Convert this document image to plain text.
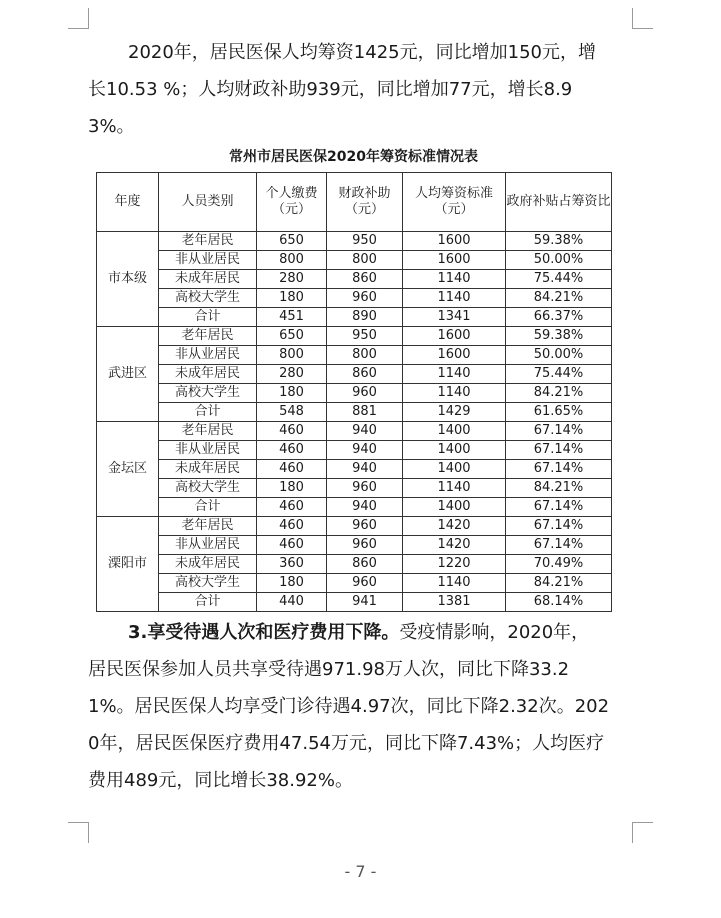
2020年，居民医保人均筹资1425元，同比增加150元，增
长10.53 %；人均财政补助939元，同比增加77元，增长8.9
3%。

常州市居民医保2020年筹资标准情况表

年度	人员类别	个人缴费（元）	财政补助（元）	人均筹资标准（元）	政府补贴占筹资比
市本级	老年居民	650	950	1600	59.38%
	非从业居民	800	800	1600	50.00%
	未成年居民	280	860	1140	75.44%
	高校大学生	180	960	1140	84.21%
	合计	451	890	1341	66.37%
武进区	老年居民	650	950	1600	59.38%
	非从业居民	800	800	1600	50.00%
	未成年居民	280	860	1140	75.44%
	高校大学生	180	960	1140	84.21%
	合计	548	881	1429	61.65%
金坛区	老年居民	460	940	1400	67.14%
	非从业居民	460	940	1400	67.14%
	未成年居民	460	940	1400	67.14%
	高校大学生	180	960	1140	84.21%
	合计	460	940	1400	67.14%
溧阳市	老年居民	460	960	1420	67.14%
	非从业居民	460	960	1420	67.14%
	未成年居民	360	860	1220	70.49%
	高校大学生	180	960	1140	84.21%
	合计	440	941	1381	68.14%

3.享受待遇人次和医疗费用下降。受疫情影响，2020年，
居民医保参加人员共享受待遇971.98万人次，同比下降33.2
1%。居民医保人均享受门诊待遇4.97次，同比下降2.32次。202
0年，居民医保医疗费用47.54万元，同比下降7.43%；人均医疗
费用489元，同比增长38.92%。

- 7 -
